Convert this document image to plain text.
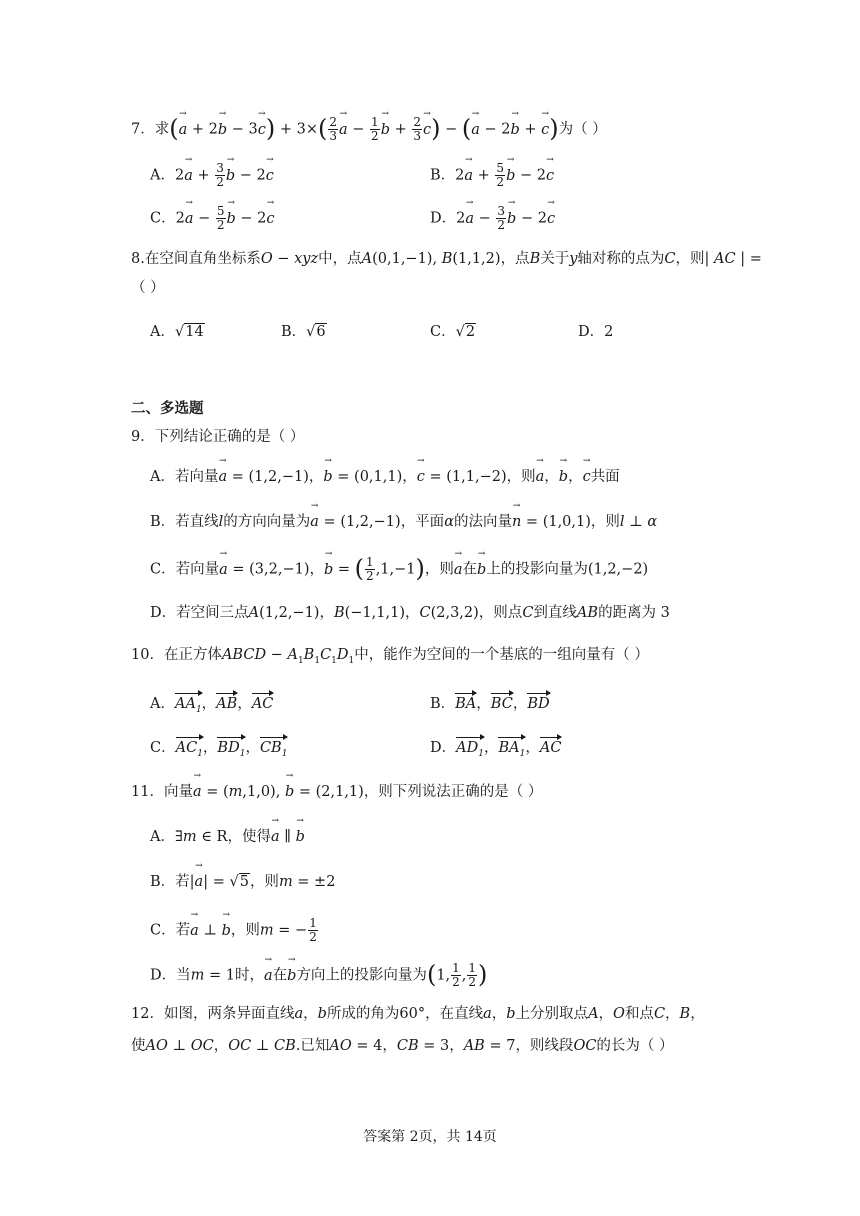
7．求(→ $a + 2\to b - 3\to c) + 3\times( \frac{2}{3}$
→ $a - \frac{1}{2}$
→ $b + \frac{2}{3}$
→ c) − (→ a − 2→ b + → c)为（ ）
A．$2\to a + \frac{3}{2}$
→ b − 2→ c	B．$2\to a + \frac{5}{2}$
→ b − 2→ c
C．$2\to a - \frac{5}{2}$
→ b − 2→ c	D．$2\to a - \frac{3}{2}$
→ b − 2→ c
8.在空间直角坐标系O − xyz中，点A(0,1,−1), B(1,1,2)，点B关于y轴对称的点为C，则| AC | =
（ ）
A．√14	B．√6	C．√2	D．2
二、多选题
9．下列结论正确的是（ ）
A．若向量→ a = (1,2,−1)，→ b = (0,1,1)，→ c = (1,1,−2)，则→ a，→ b，→ c共面
B．若直线l的方向向量为→ a = (1,2,−1)，平面α的法向量→ n = (1,0,1)，则l ⊥ α
C．若向量→ a = (3,2,−1)，→ b = ( $\frac{1}{2} ,1,-1$)，则→ a在→ b上的投影向量为(1,2,−2)
D．若空间三点A(1,2,−1)，B(−1,1,1)，C(2,3,2)，则点C到直线AB的距离为 3
10．在正方体ABCD − $A_1B_1C_1D_1$中，能作为空间的一个基底的一组向量有（ ）
A．$AA_1$，AB，AC	B．BA，BC，BD
C．$AC_1$，$BD_1$，$CB_1$	D．$AD_1$，$BA_1$，AC
11．向量→ a = (m,1,0), → b = (2,1,1)，则下列说法正确的是（ ）
A．∃m ∈ R，使得→ a ∥ → b
B．若|→ a| = √5，则m = ±2
C．若→ a ⊥ → b，则m = − $\frac{1}{2}$
D．当m = 1时，→ a在→ b方向上的投影向量为(1, $\frac{1}{2}$ , $\frac{1}{2}$ )
12．如图，两条异面直线a，b所成的角为60°，在直线a，b上分别取点A，O和点C，B，
使AO ⊥ OC，OC ⊥ CB.已知AO = 4，CB = 3，AB = 7，则线段OC的长为（ ）
答案第 2页，共 14页
